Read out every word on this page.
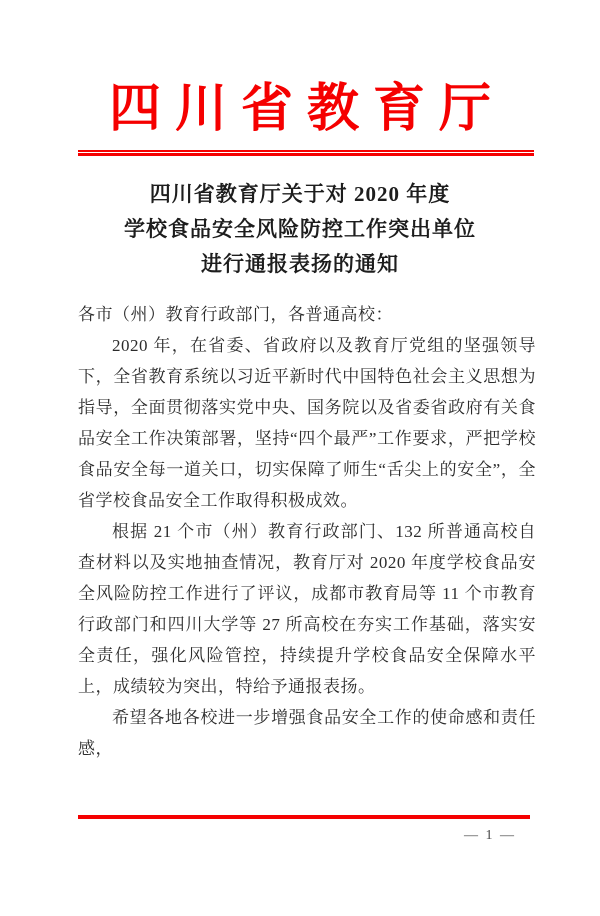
四川省教育厅
四川省教育厅关于对 2020 年度
学校食品安全风险防控工作突出单位
进行通报表扬的通知

各市（州）教育行政部门，各普通高校：

2020 年，在省委、省政府以及教育厅党组的坚强领导下，全省教育系统以习近平新时代中国特色社会主义思想为指导，全面贯彻落实党中央、国务院以及省委省政府有关食品安全工作决策部署，坚持“四个最严”工作要求，严把学校食品安全每一道关口，切实保障了师生“舌尖上的安全”，全省学校食品安全工作取得积极成效。

根据 21 个市（州）教育行政部门、132 所普通高校自查材料以及实地抽查情况，教育厅对 2020 年度学校食品安全风险防控工作进行了评议，成都市教育局等 11 个市教育行政部门和四川大学等 27 所高校在夯实工作基础，落实安全责任，强化风险管控，持续提升学校食品安全保障水平上，成绩较为突出，特给予通报表扬。

希望各地各校进一步增强食品安全工作的使命感和责任感，

— 1 —
